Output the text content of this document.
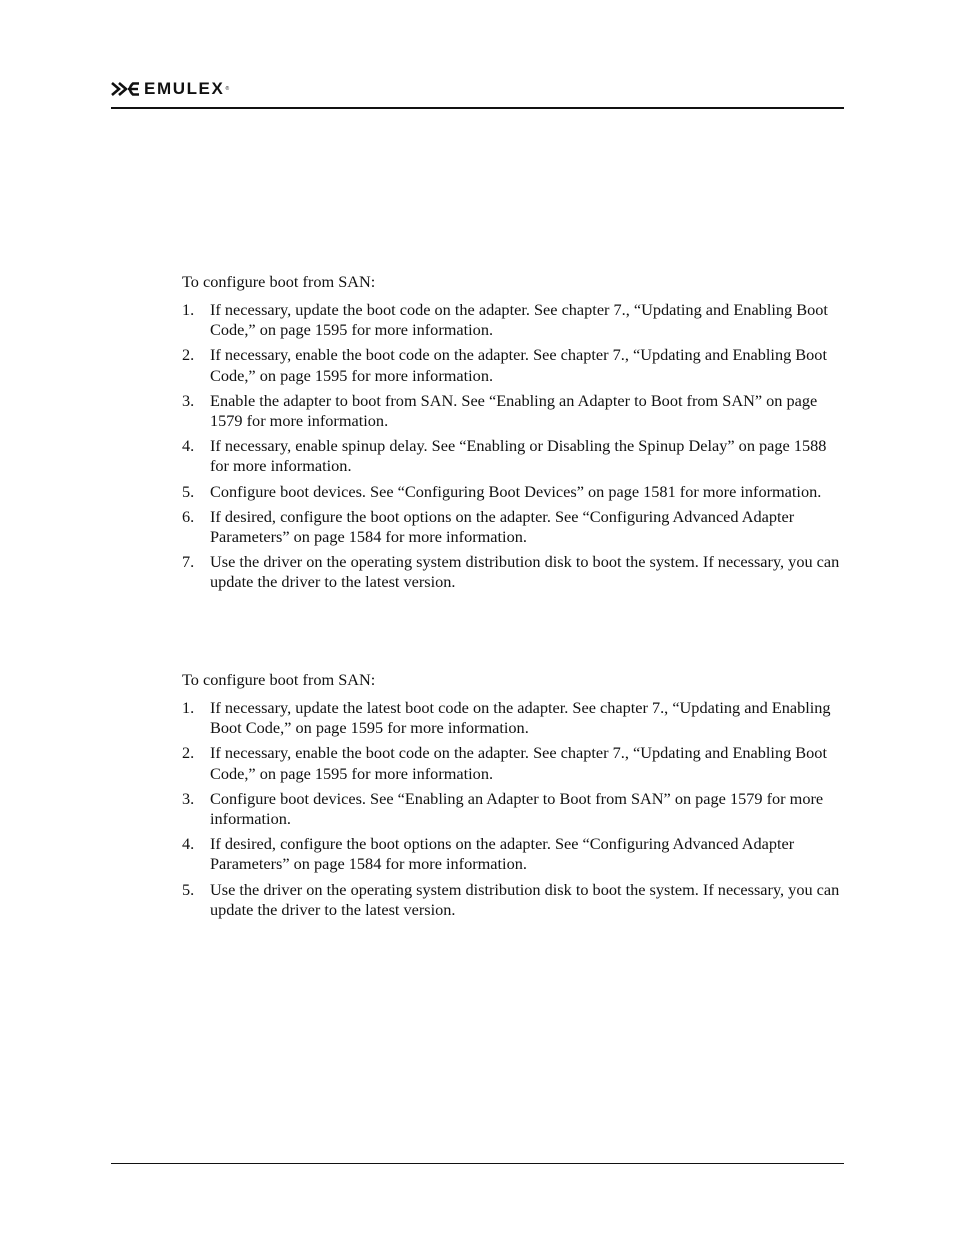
EMULEX ®

To configure boot from SAN:

1. If necessary, update the boot code on the adapter. See chapter 7., “Updating and Enabling Boot Code,” on page 1595 for more information.
2. If necessary, enable the boot code on the adapter. See chapter 7., “Updating and Enabling Boot Code,” on page 1595 for more information.
3. Enable the adapter to boot from SAN. See “Enabling an Adapter to Boot from SAN” on page 1579 for more information.
4. If necessary, enable spinup delay. See “Enabling or Disabling the Spinup Delay” on page 1588 for more information.
5. Configure boot devices. See “Configuring Boot Devices” on page 1581 for more information.
6. If desired, configure the boot options on the adapter. See “Configuring Advanced Adapter Parameters” on page 1584 for more information.
7. Use the driver on the operating system distribution disk to boot the system. If necessary, you can update the driver to the latest version.

To configure boot from SAN:

1. If necessary, update the latest boot code on the adapter. See chapter 7., “Updating and Enabling Boot Code,” on page 1595 for more information.
2. If necessary, enable the boot code on the adapter. See chapter 7., “Updating and Enabling Boot Code,” on page 1595 for more information.
3. Configure boot devices. See “Enabling an Adapter to Boot from SAN” on page 1579 for more information.
4. If desired, configure the boot options on the adapter. See “Configuring Advanced Adapter Parameters” on page 1584 for more information.
5. Use the driver on the operating system distribution disk to boot the system. If necessary, you can update the driver to the latest version.
